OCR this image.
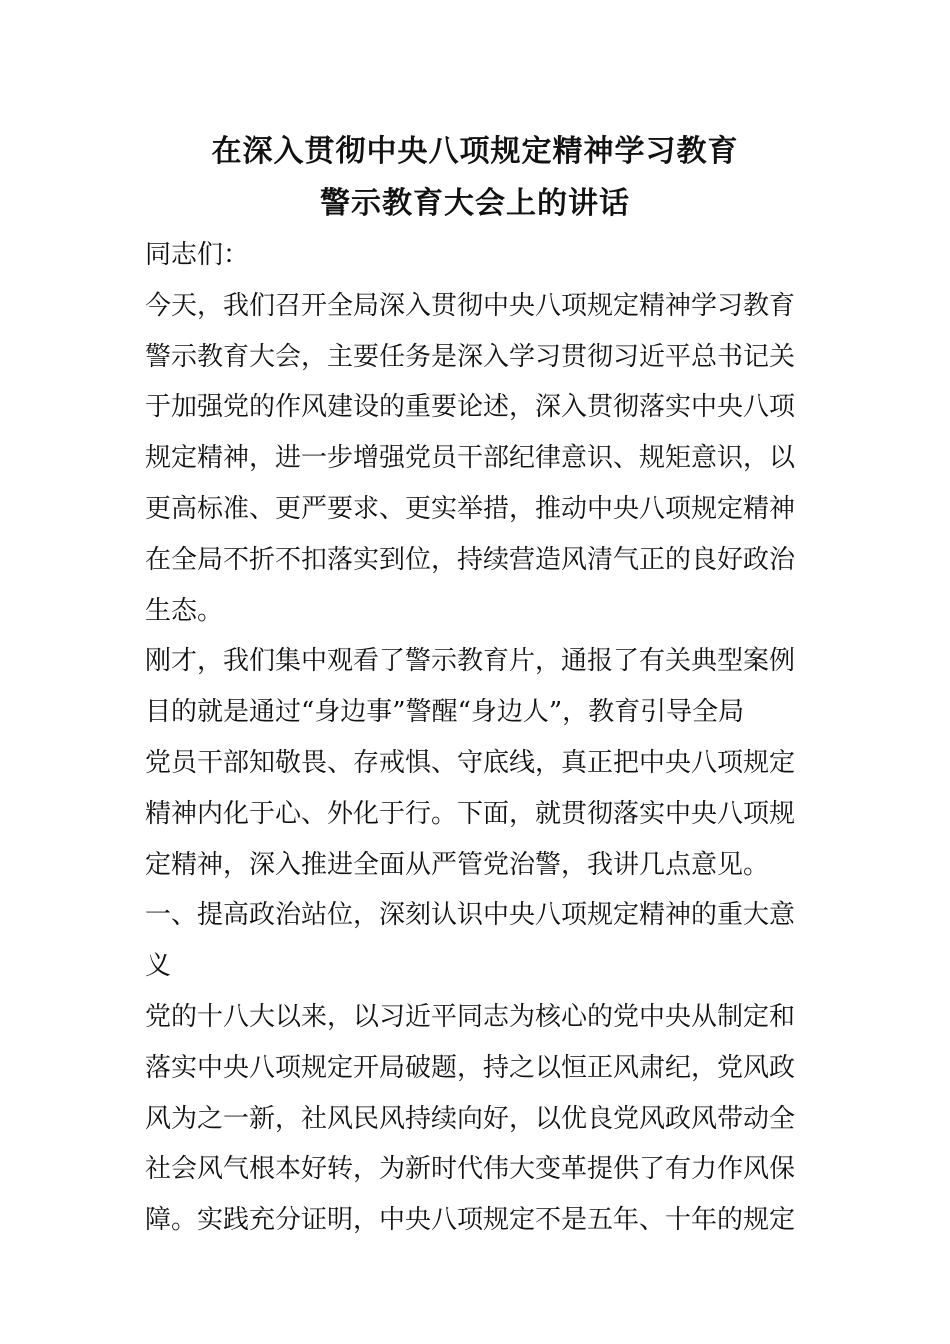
在深入贯彻中央八项规定精神学习教育
警示教育大会上的讲话
同志们：
今天，我们召开全局深入贯彻中央八项规定精神学习教育
警示教育大会，主要任务是深入学习贯彻习近平总书记关
于加强党的作风建设的重要论述，深入贯彻落实中央八项
规定精神，进一步增强党员干部纪律意识、规矩意识，以
更高标准、更严要求、更实举措，推动中央八项规定精神
在全局不折不扣落实到位，持续营造风清气正的良好政治
生态。
刚才，我们集中观看了警示教育片，通报了有关典型案例
目的就是通过“身边事”警醒“身边人”，教育引导全局
党员干部知敬畏、存戒惧、守底线，真正把中央八项规定
精神内化于心、外化于行。下面，就贯彻落实中央八项规
定精神，深入推进全面从严管党治警，我讲几点意见。
一、提高政治站位，深刻认识中央八项规定精神的重大意
义
党的十八大以来，以习近平同志为核心的党中央从制定和
落实中央八项规定开局破题，持之以恒正风肃纪，党风政
风为之一新，社风民风持续向好，以优良党风政风带动全
社会风气根本好转，为新时代伟大变革提供了有力作风保
障。实践充分证明，中央八项规定不是五年、十年的规定
